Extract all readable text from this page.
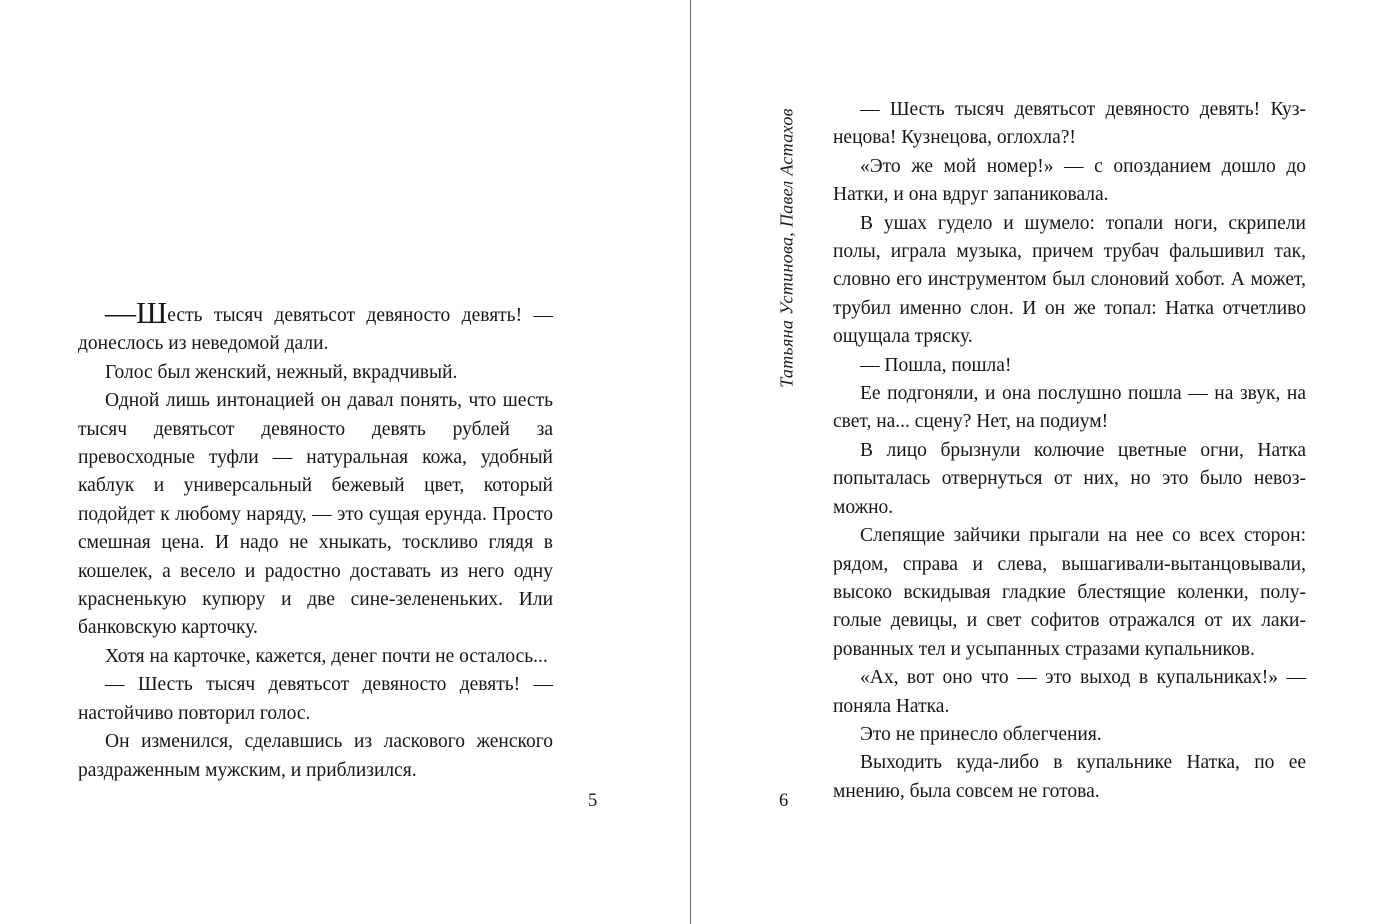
—Шесть тысяч девятьсот девяносто девять! — донеслось из неведомой дали.

Голос был женский, нежный, вкрадчивый.

Одной лишь интонацией он давал понять, что шесть тысяч девятьсот девяносто девять рублей за превосходные туфли — натуральная кожа, удобный каблук и универсальный бежевый цвет, который подойдет к любому наряду, — это сущая ерунда. Просто смешная цена. И надо не хныкать, тоскливо глядя в кошелек, а весело и радостно доставать из него одну красненькую купюру и две сине-зелененьких. Или банковскую карточку.

Хотя на карточке, кажется, денег почти не осталось...

— Шесть тысяч девятьсот девяносто девять! — настойчиво повторил голос.

Он изменился, сделавшись из ласкового женского раздраженным мужским, и приблизился.

5
Татьяна Устинова, Павел Астахов	— Шесть тысяч девятьсот девяносто девять! Кузнецова! Кузнецова, оглохла?!

«Это же мой номер!» — с опозданием дошло до Натки, и она вдруг запаниковала.

В ушах гудело и шумело: топали ноги, скрипели полы, играла музыка, причем трубач фальшивил так, словно его инструментом был слоновий хобот. А может, трубил именно слон. И он же топал: Натка отчетливо ощущала тряску.

— Пошла, пошла!

Ее подгоняли, и она послушно пошла — на звук, на свет, на... сцену? Нет, на подиум!

В лицо брызнули колючие цветные огни, Натка попыталась отвернуться от них, но это было невозможно.

Слепящие зайчики прыгали на нее со всех сторон: рядом, справа и слева, вышагивали-вытанцовывали, высоко вскидывая гладкие блестящие коленки, полуголые девицы, и свет софитов отражался от их лакированных тел и усыпанных стразами купальников.

«Ах, вот оно что — это выход в купальниках!» — поняла Натка.

Это не принесло облегчения.

Выходить куда-либо в купальнике Натка, по ее мнению, была совсем не готова.

6
